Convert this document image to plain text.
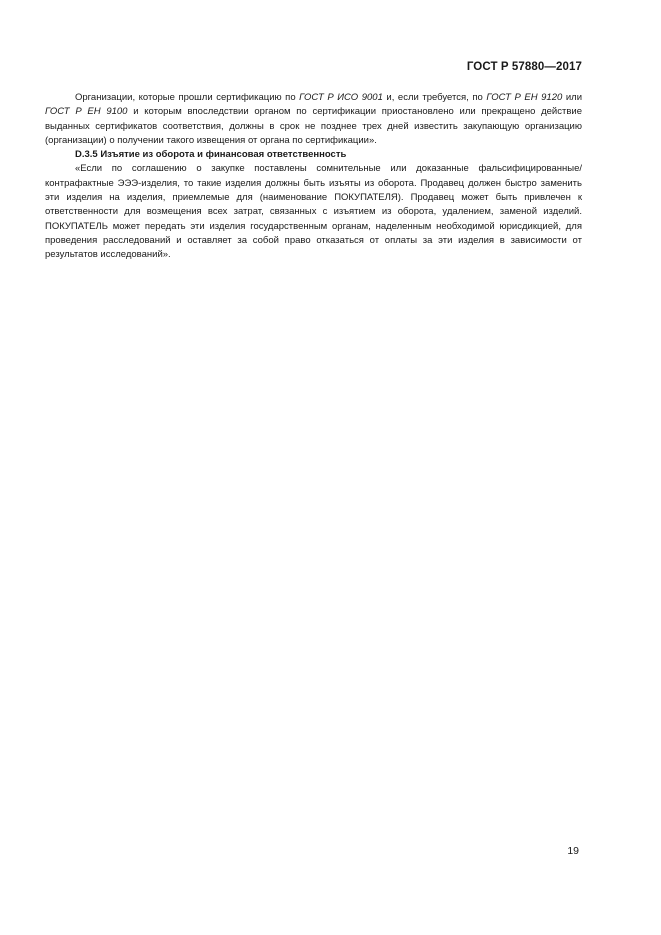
ГОСТ Р 57880—2017

Организации, которые прошли сертификацию по ГОСТ Р ИСО 9001 и, если требуется, по ГОСТ Р ЕН 9120 или ГОСТ Р ЕН 9100 и которым впоследствии органом по сертификации приостановлено или прекращено действие выданных сертификатов соответствия, должны в срок не позднее трех дней известить закупающую организацию (организации) о получении такого извещения от органа по сертификации».

D.3.5 Изъятие из оборота и финансовая ответственность

«Если по соглашению о закупке поставлены сомнительные или доказанные фальсифицированные/контрафактные ЭЭЭ-изделия, то такие изделия должны быть изъяты из оборота. Продавец должен быстро заменить эти изделия на изделия, приемлемые для (наименование ПОКУПАТЕЛЯ). Продавец может быть привлечен к ответственности для возмещения всех затрат, связанных с изъятием из оборота, удалением, заменой изделий. ПОКУПАТЕЛЬ может передать эти изделия государственным органам, наделенным необходимой юрисдикцией, для проведения расследований и оставляет за собой право отказаться от оплаты за эти изделия в зависимости от результатов исследований».

19
